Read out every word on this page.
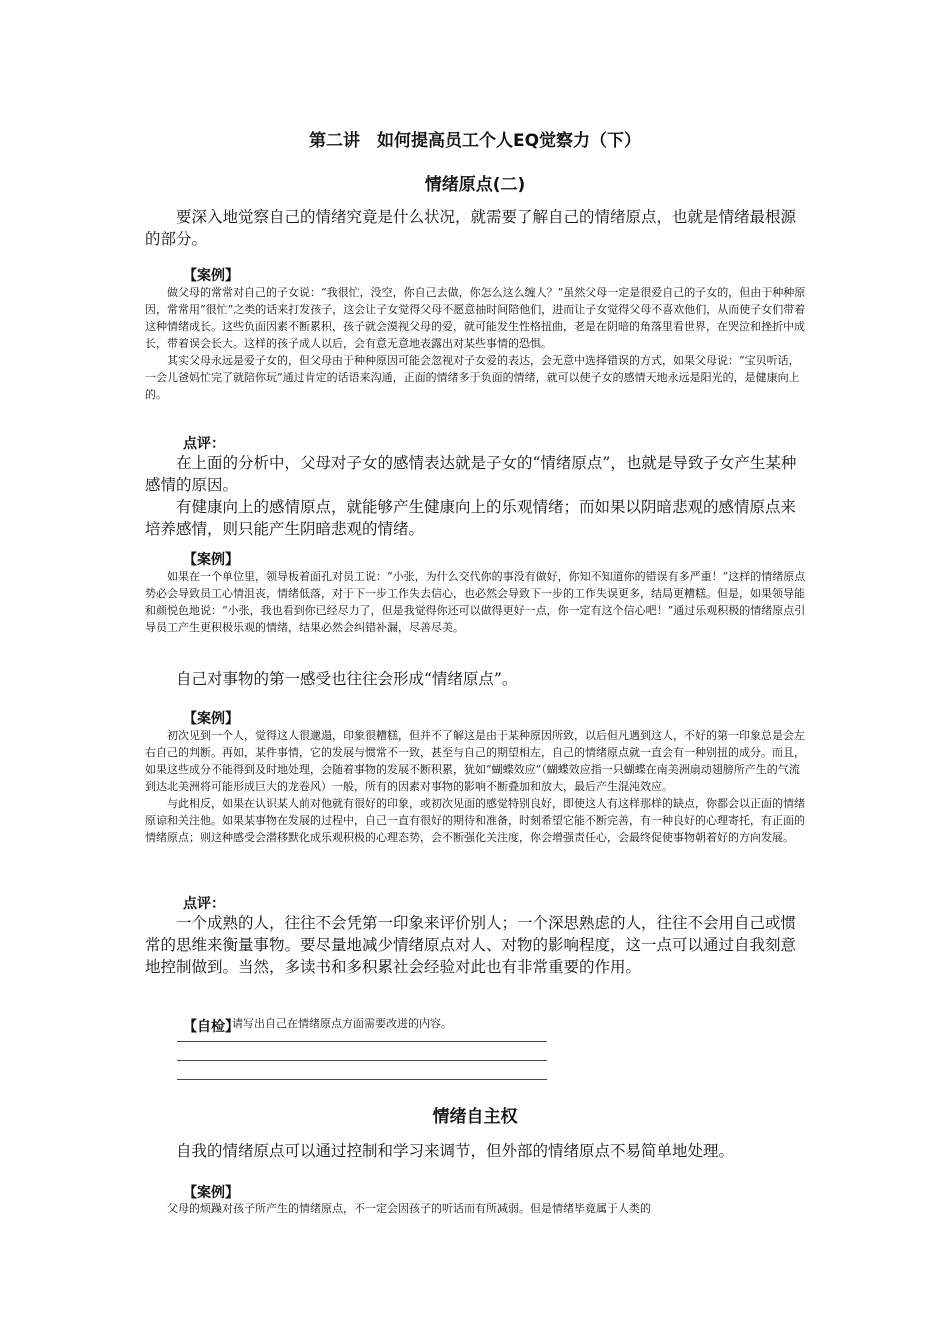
第二讲　如何提高员工个人EQ觉察力（下）
情绪原点(二)

要深入地觉察自己的情绪究竟是什么状况，就需要了解自己的情绪原点，也就是情绪最根源的部分。

【案例】

做父母的常常对自己的子女说：“我很忙，没空，你自己去做，你怎么这么缠人？”虽然父母一定是很爱自己的子女的，但由于种种原因，常常用“很忙”之类的话来打发孩子，这会让子女觉得父母不愿意抽时间陪他们，进而让子女觉得父母不喜欢他们，从而使子女们带着这种情绪成长。这些负面因素不断累积，孩子就会漠视父母的爱，就可能发生性格扭曲，老是在阴暗的角落里看世界，在哭泣和挫折中成长，带着误会长大。这样的孩子成人以后，会有意无意地表露出对某些事情的恐惧。

其实父母永远是爱子女的，但父母由于种种原因可能会忽视对子女爱的表达，会无意中选择错误的方式，如果父母说：“宝贝听话，一会儿爸妈忙完了就陪你玩”通过肯定的话语来沟通，正面的情绪多于负面的情绪，就可以使子女的感情天地永远是阳光的，是健康向上的。

点评：

在上面的分析中，父母对子女的感情表达就是子女的“情绪原点”，也就是导致子女产生某种感情的原因。

有健康向上的感情原点，就能够产生健康向上的乐观情绪；而如果以阴暗悲观的感情原点来培养感情，则只能产生阴暗悲观的情绪。

【案例】

如果在一个单位里，领导板着面孔对员工说：“小张，为什么交代你的事没有做好，你知不知道你的错误有多严重！”这样的情绪原点势必会导致员工心情沮丧，情绪低落，对于下一步工作失去信心，也必然会导致下一步的工作失误更多，结局更糟糕。但是，如果领导能和颜悦色地说：“小张，我也看到你已经尽力了，但是我觉得你还可以做得更好一点，你一定有这个信心吧！”通过乐观积极的情绪原点引导员工产生更积极乐观的情绪，结果必然会纠错补漏，尽善尽美。

自己对事物的第一感受也往往会形成“情绪原点”。

【案例】

初次见到一个人，觉得这人很邋遢，印象很糟糕，但并不了解这是由于某种原因所致，以后但凡遇到这人，不好的第一印象总是会左右自己的判断。再如，某件事情，它的发展与惯常不一致，甚至与自己的期望相左，自己的情绪原点就一直会有一种别扭的成分。而且，如果这些成分不能得到及时地处理，会随着事物的发展不断积累，犹如“蝴蝶效应”（蝴蝶效应指一只蝴蝶在南美洲扇动翅膀所产生的气流到达北美洲将可能形成巨大的龙卷风）一般，所有的因素对事物的影响不断叠加和放大，最后产生混沌效应。

与此相反，如果在认识某人前对他就有很好的印象，或初次见面的感觉特别良好，即使这人有这样那样的缺点，你都会以正面的情绪原谅和关注他。如果某事物在发展的过程中，自己一直有很好的期待和准备，时刻希望它能不断完善，有一种良好的心理寄托，有正面的情绪原点；则这种感受会潜移默化成乐观积极的心理态势，会不断强化关注度，你会增强责任心，会最终促使事物朝着好的方向发展。

点评：

一个成熟的人，往往不会凭第一印象来评价别人；一个深思熟虑的人，往往不会用自己或惯常的思维来衡量事物。要尽量地减少情绪原点对人、对物的影响程度，这一点可以通过自我刻意地控制做到。当然，多读书和多积累社会经验对此也有非常重要的作用。

【自检】
请写出自己在情绪原点方面需要改进的内容。
情绪自主权

自我的情绪原点可以通过控制和学习来调节，但外部的情绪原点不易简单地处理。

【案例】

父母的烦躁对孩子所产生的情绪原点，不一定会因孩子的听话而有所减弱。但是情绪毕竟属于人类的
